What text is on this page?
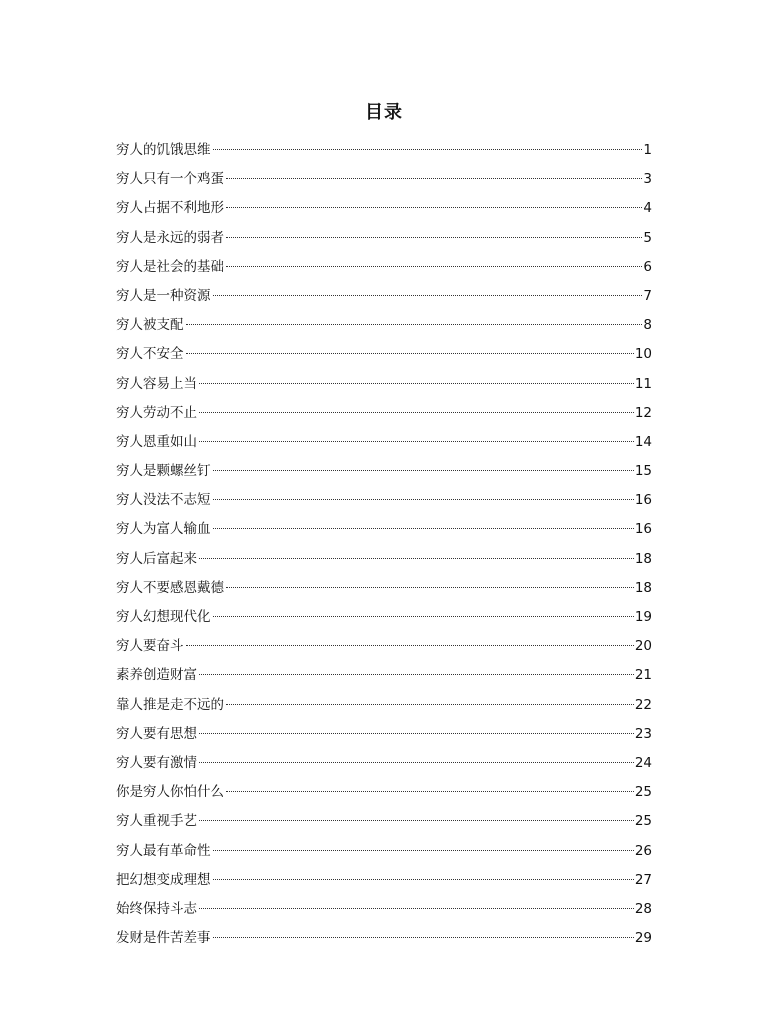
目录
穷人的饥饿思维	1
穷人只有一个鸡蛋	3
穷人占据不利地形	4
穷人是永远的弱者	5
穷人是社会的基础	6
穷人是一种资源	7
穷人被支配	8
穷人不安全	10
穷人容易上当	11
穷人劳动不止	12
穷人恩重如山	14
穷人是颗螺丝钉	15
穷人没法不志短	16
穷人为富人输血	16
穷人后富起来	18
穷人不要感恩戴德	18
穷人幻想现代化	19
穷人要奋斗	20
素养创造财富	21
靠人推是走不远的	22
穷人要有思想	23
穷人要有激情	24
你是穷人你怕什么	25
穷人重视手艺	25
穷人最有革命性	26
把幻想变成理想	27
始终保持斗志	28
发财是件苦差事	29
